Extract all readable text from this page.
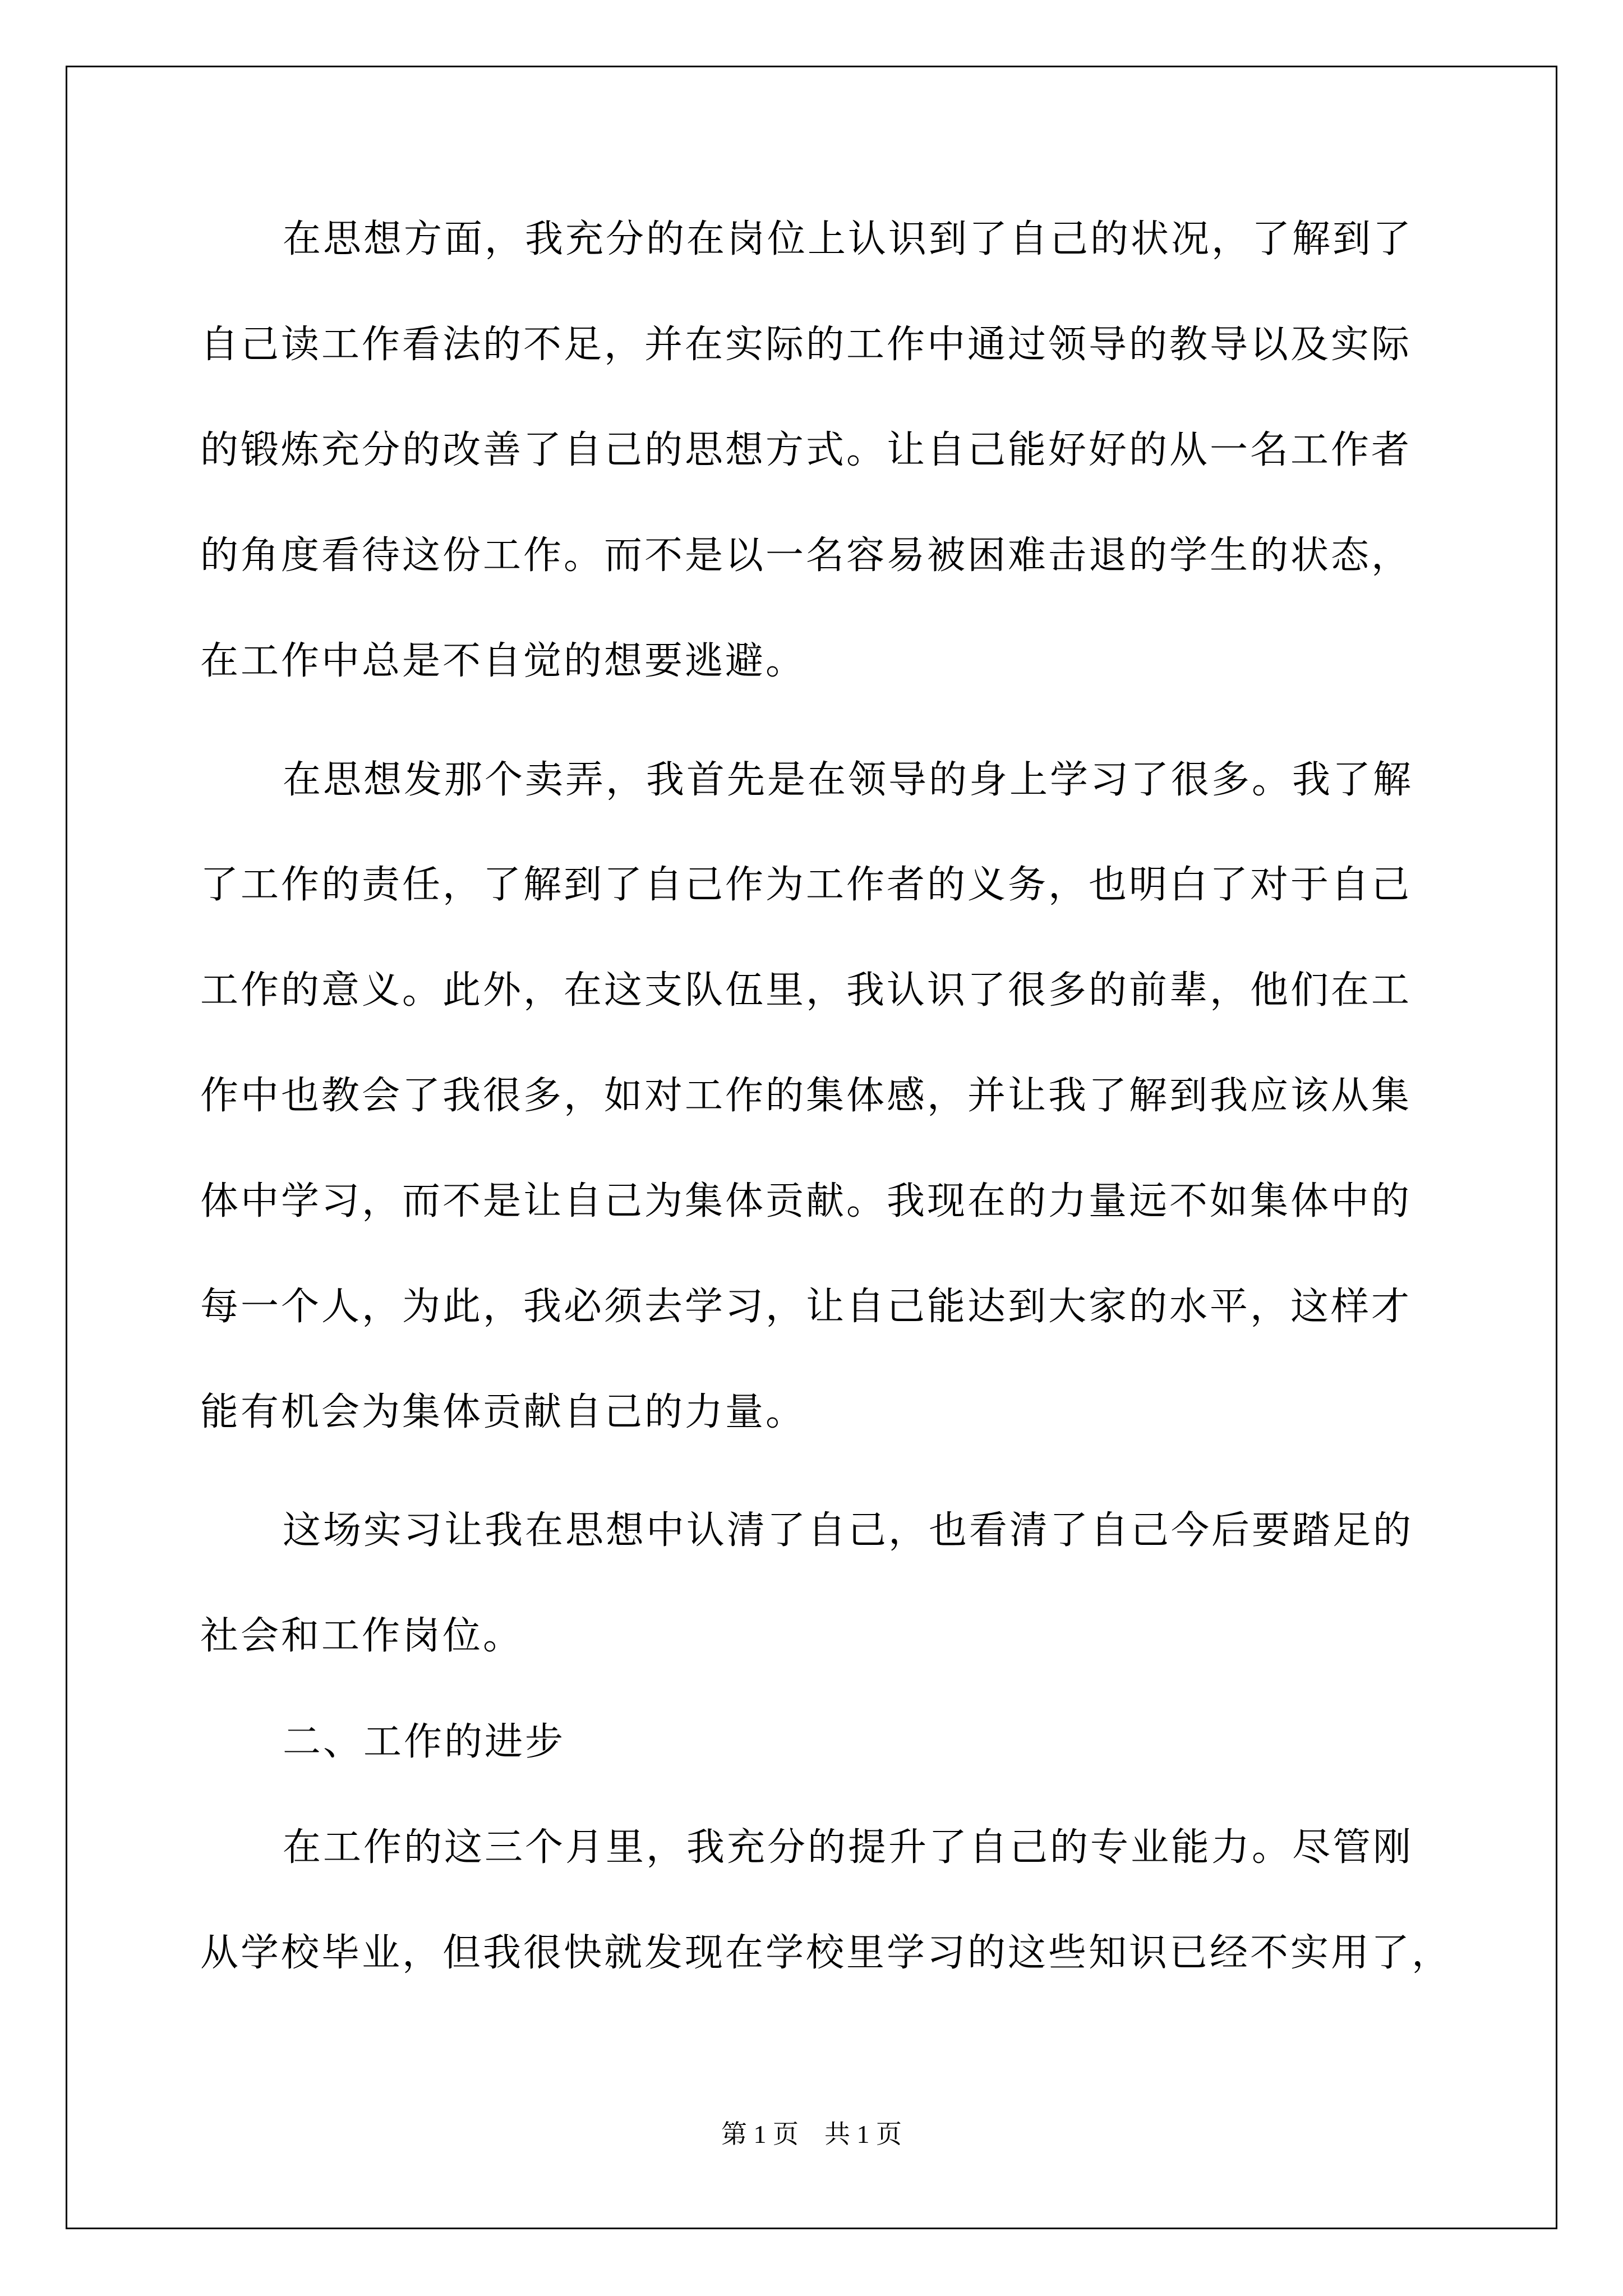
在思想方面，我充分的在岗位上认识到了自己的状况，了解到了
自己读工作看法的不足，并在实际的工作中通过领导的教导以及实际
的锻炼充分的改善了自己的思想方式。让自己能好好的从一名工作者
的角度看待这份工作。而不是以一名容易被困难击退的学生的状态，
在工作中总是不自觉的想要逃避。
在思想发那个卖弄，我首先是在领导的身上学习了很多。我了解
了工作的责任，了解到了自己作为工作者的义务，也明白了对于自己
工作的意义。此外，在这支队伍里，我认识了很多的前辈，他们在工
作中也教会了我很多，如对工作的集体感，并让我了解到我应该从集
体中学习，而不是让自己为集体贡献。我现在的力量远不如集体中的
每一个人，为此，我必须去学习，让自己能达到大家的水平，这样才
能有机会为集体贡献自己的力量。
这场实习让我在思想中认清了自己，也看清了自己今后要踏足的
社会和工作岗位。
二、工作的进步
在工作的这三个月里，我充分的提升了自己的专业能力。尽管刚
从学校毕业，但我很快就发现在学校里学习的这些知识已经不实用了，
第 1 页　共 1 页
